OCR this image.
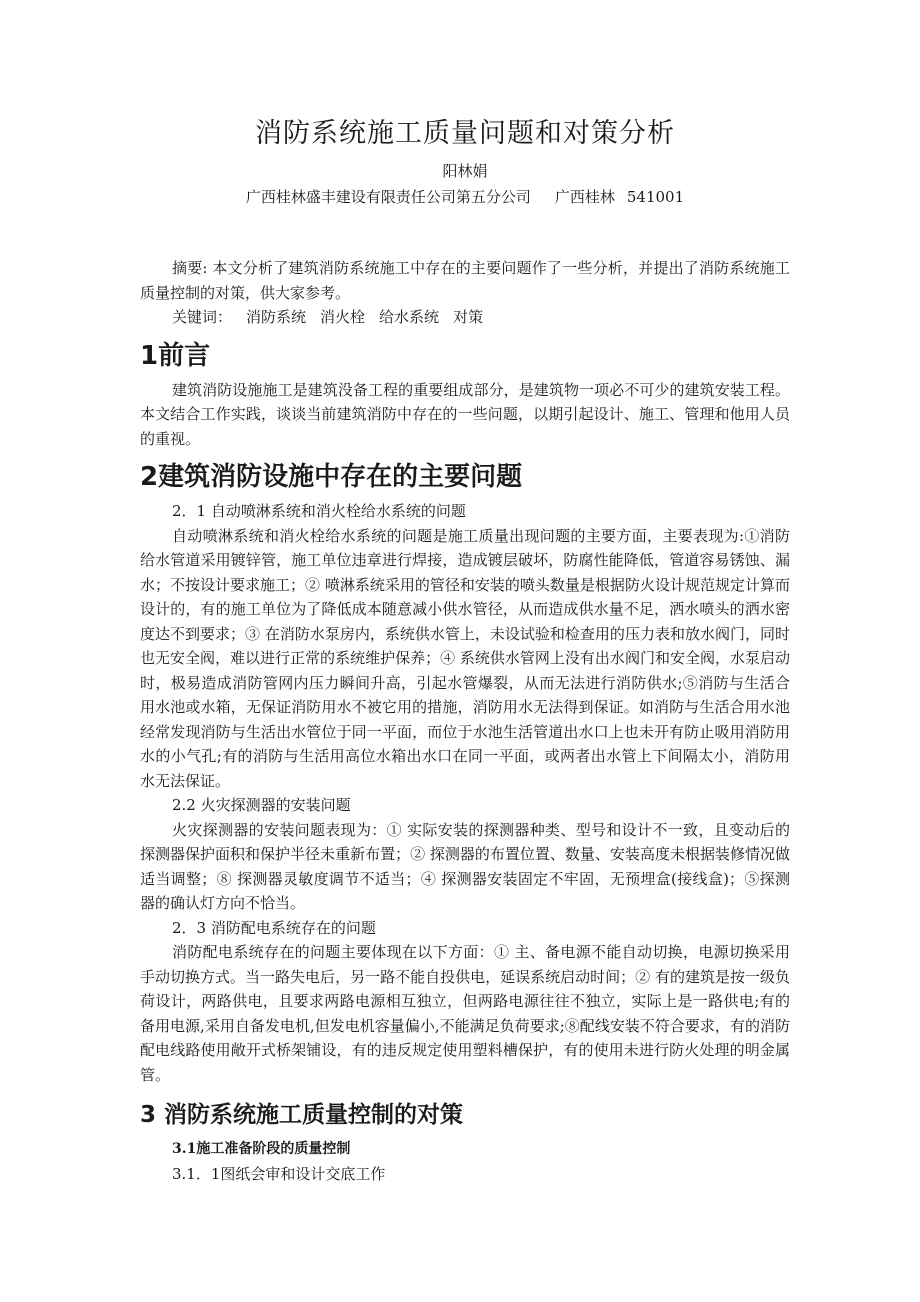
消防系统施工质量问题和对策分析
阳林娟
广西桂林盛丰建设有限责任公司第五分公司 广西桂林 541001

摘要: 本文分析了建筑消防系统施工中存在的主要问题作了一些分析，并提出了消防系统施工质量控制的对策，供大家参考。

关键词： 消防系统 消火栓 给水系统 对策

1前言

建筑消防设施施工是建筑没备工程的重要组成部分，是建筑物一项必不可少的建筑安装工程。本文结合工作实践，谈谈当前建筑消防中存在的一些问题，以期引起设计、施工、管理和他用人员的重视。

2建筑消防设施中存在的主要问题
2．1 自动喷淋系统和消火栓给水系统的问题

自动喷淋系统和消火栓给水系统的问题是施工质量出现问题的主要方面，主要表现为:①消防给水管道采用镀锌管，施工单位违章进行焊接，造成镀层破坏，防腐性能降低，管道容易锈蚀、漏水；不按设计要求施工；② 喷淋系统采用的管径和安装的喷头数量是根据防火设计规范规定计算而设计的，有的施工单位为了降低成本随意减小供水管径，从而造成供水量不足，洒水喷头的洒水密度达不到要求；③ 在消防水泵房内，系统供水管上，未设试验和检查用的压力表和放水阀门，同时也无安全阀，难以进行正常的系统维护保养；④ 系统供水管网上没有出水阀门和安全阀，水泵启动时，极易造成消防管网内压力瞬间升高，引起水管爆裂，从而无法进行消防供水;⑤消防与生活合用水池或水箱，无保证消防用水不被它用的措施，消防用水无法得到保证。如消防与生活合用水池经常发现消防与生活出水管位于同一平面，而位于水池生活管道出水口上也未开有防止吸用消防用水的小气孔;有的消防与生活用高位水箱出水口在同一平面，或两者出水管上下间隔太小，消防用水无法保证。

2.2 火灾探测器的安装问题

火灾探测器的安装问题表现为：① 实际安装的探测器种类、型号和设计不一致，且变动后的探测器保护面积和保护半径未重新布置；② 探测器的布置位置、数量、安装高度未根据装修情况做适当调整；⑧ 探测器灵敏度调节不适当；④ 探测器安装固定不牢固，无预埋盒(接线盒)；⑤探测器的确认灯方向不恰当。

2．3 消防配电系统存在的问题

消防配电系统存在的问题主要体现在以下方面：① 主、备电源不能自动切换，电源切换采用手动切换方式。当一路失电后，另一路不能自投供电，延误系统启动时间；② 有的建筑是按一级负荷设计，两路供电，且要求两路电源相互独立，但两路电源往往不独立，实际上是一路供电;有的备用电源,采用自备发电机,但发电机容量偏小,不能满足负荷要求;⑧配线安装不符合要求，有的消防配电线路使用敞开式桥架铺设，有的违反规定使用塑料槽保护，有的使用未进行防火处理的明金属管。

3 消防系统施工质量控制的对策
3.1施工准备阶段的质量控制
3.1．1图纸会审和设计交底工作
